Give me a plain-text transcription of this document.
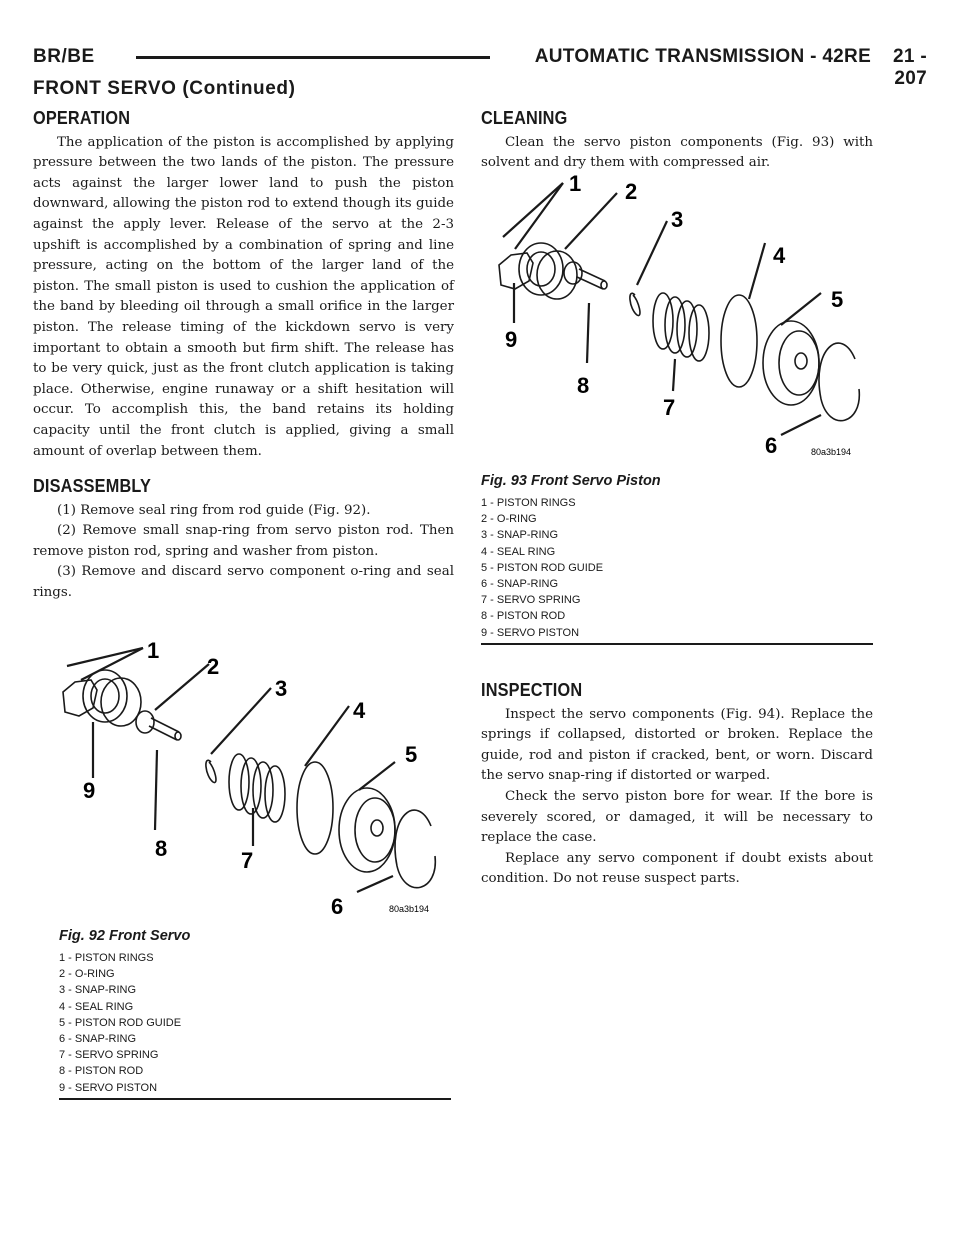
BR/BE	AUTOMATIC TRANSMISSION - 42RE 21 - 207
FRONT SERVO (Continued)
OPERATION

The application of the piston is accomplished by applying pressure between the two lands of the piston. The pressure acts against the larger lower land to push the piston downward, allowing the piston rod to extend though its guide against the apply lever. Release of the servo at the 2-3 upshift is accomplished by a combination of spring and line pressure, acting on the bottom of the larger land of the piston. The small piston is used to cushion the application of the band by bleeding oil through a small orifice in the larger piston. The release timing of the kickdown servo is very important to obtain a smooth but firm shift. The release has to be very quick, just as the front clutch application is taking place. Otherwise, engine runaway or a shift hesitation will occur. To accomplish this, the band retains its holding capacity until the front clutch is applied, giving a small amount of overlap between them.

DISASSEMBLY

(1) Remove seal ring from rod guide (Fig. 92).

(2) Remove small snap-ring from servo piston rod. Then remove piston rod, spring and washer from piston.

(3) Remove and discard servo component o-ring and seal rings.

CLEANING

Clean the servo piston components (Fig. 93) with solvent and dry them with compressed air.

INSPECTION

Inspect the servo components (Fig. 94). Replace the springs if collapsed, distorted or broken. Replace the guide, rod and piston if cracked, bent, or worn. Discard the servo snap-ring if distorted or warped.

Check the servo piston bore for wear. If the bore is severely scored, or damaged, it will be necessary to replace the case.

Replace any servo component if doubt exists about condition. Do not reuse suspect parts.

1 2
3
4
5
6
7
8
9
80a3b194
Fig. 93 Front Servo Piston
1 - PISTON RINGS
2 - O-RING
3 - SNAP-RING
4 - SEAL RING
5 - PISTON ROD GUIDE
6 - SNAP-RING
7 - SERVO SPRING
8 - PISTON ROD
9 - SERVO PISTON
1
2
3
4
5
6
7
8
9
80a3b194
Fig. 92 Front Servo
1 - PISTON RINGS
2 - O-RING
3 - SNAP-RING
4 - SEAL RING
5 - PISTON ROD GUIDE
6 - SNAP-RING
7 - SERVO SPRING
8 - PISTON ROD
9 - SERVO PISTON
